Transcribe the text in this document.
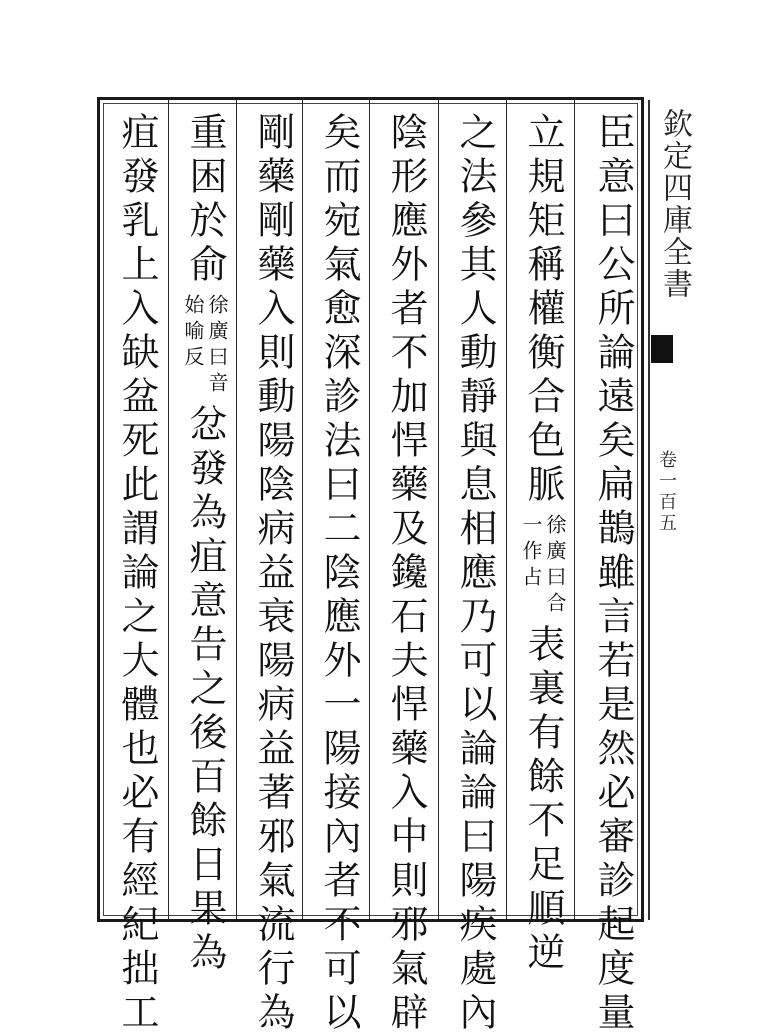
欽定四庫全書
卷一百五
臣意曰公所論遠矣扁鵲雖言若是然必審診起度量
立規矩稱權衡合色脈
徐廣曰合
一作占
表裏有餘不足順逆
之法參其人動靜與息相應乃可以論論曰陽疾處內
陰形應外者不加悍藥及鑱石夫悍藥入中則邪氣辟
矣而宛氣愈深診法曰二陰應外一陽接內者不可以
剛藥剛藥入則動陽陰病益衰陽病益著邪氣流行為
重困於俞
徐廣曰音
始喻反
忿發為疽意告之後百餘日果為
疽發乳上入缺盆死此謂論之大體也必有經紀拙工
